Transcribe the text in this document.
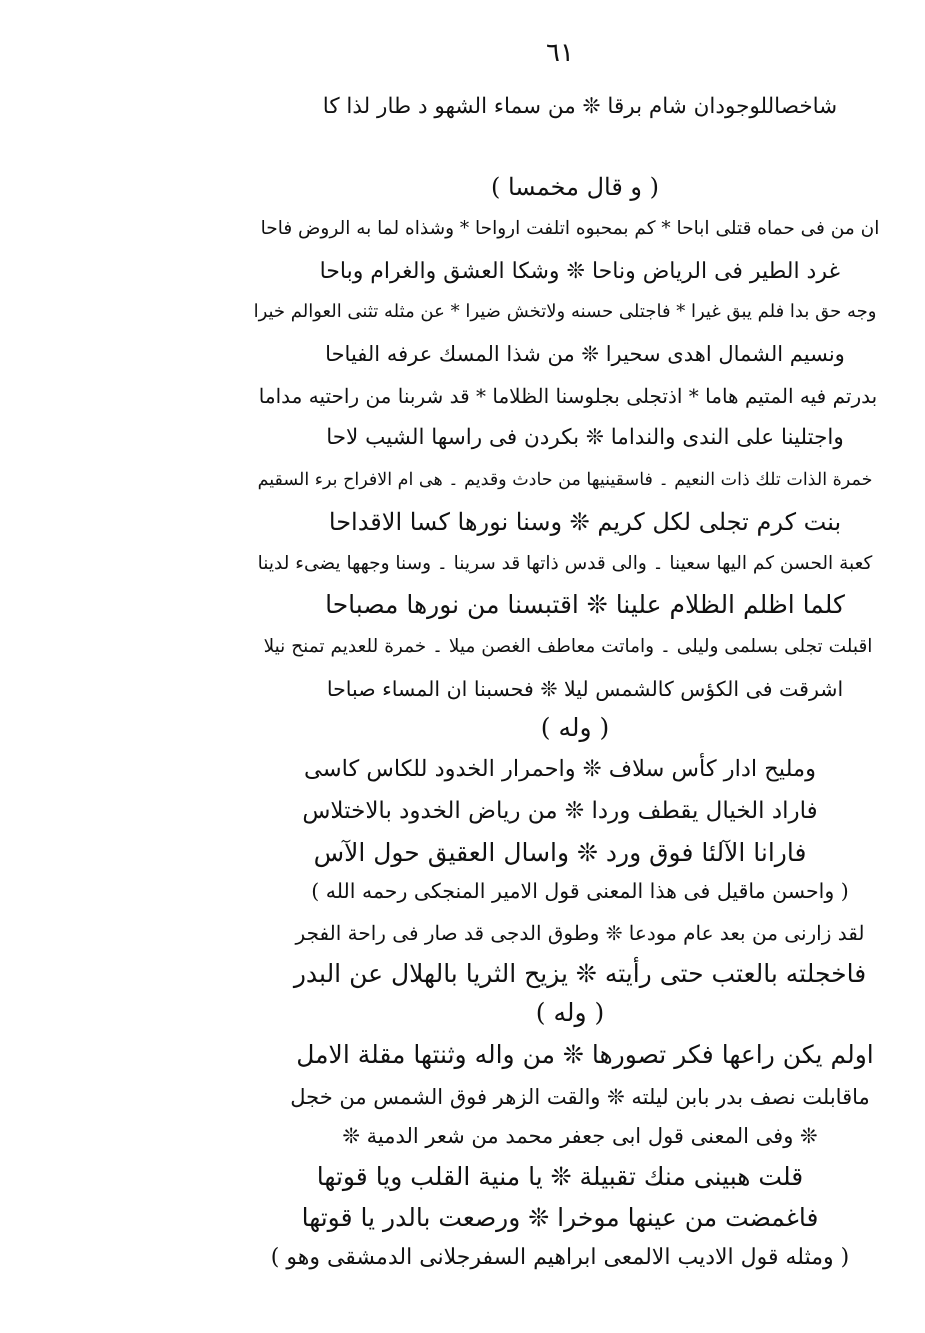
٦١
شاخصاللوجودان شام برقا ❊ من سماء الشهو د طار لذا كا
( و قال مخمسا )
ان من فی حماه قتلی اباحا * کم بمحبوه اتلفت ارواحا * وشذاه لما به الروض فاحا
غرد الطیر فی الریاض وناحا ❊ وشکا العشق والغرام وباحا
وجه حق بدا فلم یبق غیرا * فاجتلی حسنه ولاتخش ضیرا * عن مثله تثنی العوالم خیرا
ونسیم الشمال اهدی سحیرا ❊ من شذا المسك عرفه الفیاحا
بدرتم فیه المتیم هاما * اذتجلی بجلوسنا الظلاما * قد شربنا من راحتیه مداما
واجتلینا علی الندی والنداما ❊ بکردن فی راسها الشیب لاحا
خمرة الذات تلك ذات النعیم ۔ فاسقینیها من حادث وقدیم ۔ هی ام الافراح برء السقیم
بنت کرم تجلی لکل کریم ❊ وسنا نورها کسا الاقداحا
کعبة الحسن کم الیها سعینا ۔ والی قدس ذاتها قد سرینا ۔ وسنا وجهها یضیء لدینا
کلما اظلم الظلام علینا ❊ اقتبسنا من نورها مصباحا
اقبلت تجلی بسلمی ولیلی ۔ واماتت معاطف الغصن میلا ۔ خمرة للعدیم تمنح نیلا
اشرقت فی الکؤس کالشمس لیلا ❊ فحسبنا ان المساء صباحا
( وله )
وملیح ادار کأس سلاف ❊ واحمرار الخدود للکاس کاسی
فاراد الخیال یقطف وردا ❊ من ریاض الخدود بالاختلاس
فارانا الآلئا فوق ورد ❊ واسال العقیق حول الآس
( واحسن ماقیل فی هذا المعنی قول الامیر المنجکی رحمه الله )
لقد زارنی من بعد عام مودعا ❊ وطوق الدجی قد صار فی راحة الفجر
فاخجلته بالعتب حتی رأیته ❊ یزیح الثریا بالهلال عن البدر
( وله )
اولم یکن راعها فکر تصورها ❊ من واله وثنتها مقلة الامل
ماقابلت نصف بدر بابن لیلته ❊ والقت الزهر فوق الشمس من خجل
❊ وفی المعنی قول ابی جعفر محمد من شعر الدمیة ❊
قلت هبینی منك تقبیلة ❊ یا منیة القلب ویا قوتها
فاغمضت من عینها موخرا ❊ ورصعت بالدر یا قوتها
( ومثله قول الادیب الالمعی ابراهیم السفرجلانی الدمشقی وهو )
